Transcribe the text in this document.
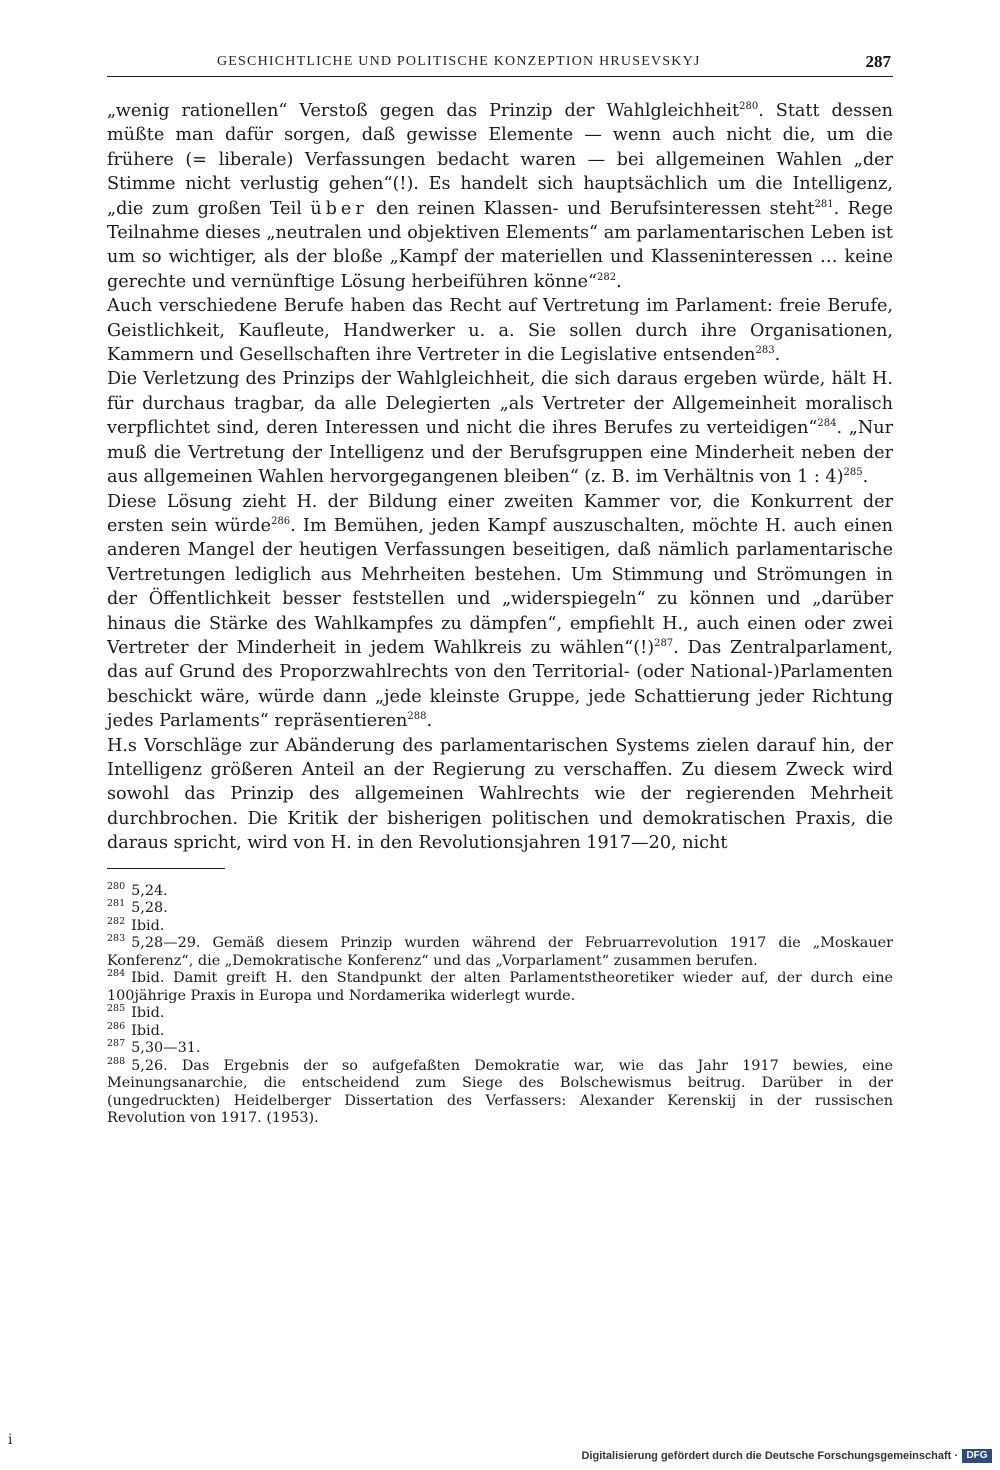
GESCHICHTLICHE UND POLITISCHE KONZEPTION HRUSEVSKYJ	287

„wenig rationellen“ Verstoß gegen das Prinzip der Wahlgleichheit$^{280}$. Statt dessen müßte man dafür sorgen, daß gewisse Elemente — wenn auch nicht die, um die frühere (= liberale) Verfassungen bedacht waren — bei allgemeinen Wahlen „der Stimme nicht verlustig gehen“(!). Es handelt sich hauptsächlich um die Intelligenz, „die zum großen Teil über den reinen Klassen- und Berufsinteressen steht$^{281}$. Rege Teilnahme dieses „neutralen und objektiven Elements“ am parlamentarischen Leben ist um so wichtiger, als der bloße „Kampf der materiellen und Klasseninteressen … keine gerechte und vernünftige Lösung herbeiführen könne“$^{282}$.

Auch verschiedene Berufe haben das Recht auf Vertretung im Parlament: freie Berufe, Geistlichkeit, Kaufleute, Handwerker u. a. Sie sollen durch ihre Organisationen, Kammern und Gesellschaften ihre Vertreter in die Legislative entsenden$^{283}$.

Die Verletzung des Prinzips der Wahlgleichheit, die sich daraus ergeben würde, hält H. für durchaus tragbar, da alle Delegierten „als Vertreter der Allgemeinheit moralisch verpflichtet sind, deren Interessen und nicht die ihres Berufes zu verteidigen“$^{284}$. „Nur muß die Vertretung der Intelligenz und der Berufsgruppen eine Minderheit neben der aus allgemeinen Wahlen hervorgegangenen bleiben“ (z. B. im Verhältnis von 1 : 4)$^{285}$.

Diese Lösung zieht H. der Bildung einer zweiten Kammer vor, die Konkurrent der ersten sein würde$^{286}$. Im Bemühen, jeden Kampf auszuschalten, möchte H. auch einen anderen Mangel der heutigen Verfassungen beseitigen, daß nämlich parlamentarische Vertretungen lediglich aus Mehrheiten bestehen. Um Stimmung und Strömungen in der Öffentlichkeit besser feststellen und „widerspiegeln“ zu können und „darüber hinaus die Stärke des Wahlkampfes zu dämpfen“, empfiehlt H., auch einen oder zwei Vertreter der Minderheit in jedem Wahlkreis zu wählen“(!)$^{287}$. Das Zentralparlament, das auf Grund des Proporzwahlrechts von den Territorial- (oder National-)Parlamenten beschickt wäre, würde dann „jede kleinste Gruppe, jede Schattierung jeder Richtung jedes Parlaments“ repräsentieren$^{288}$.

H.s Vorschläge zur Abänderung des parlamentarischen Systems zielen darauf hin, der Intelligenz größeren Anteil an der Regierung zu verschaffen. Zu diesem Zweck wird sowohl das Prinzip des allgemeinen Wahlrechts wie der regierenden Mehrheit durchbrochen. Die Kritik der bisherigen politischen und demokratischen Praxis, die daraus spricht, wird von H. in den Revolutionsjahren 1917—20, nicht

$^{280}$ 5,24.

$^{281}$ 5,28.

$^{282}$ Ibid.

$^{283}$ 5,28—29. Gemäß diesem Prinzip wurden während der Februarrevolution 1917 die „Moskauer Konferenz“, die „Demokratische Konferenz“ und das „Vorparlament“ zusammen berufen.

$^{284}$ Ibid. Damit greift H. den Standpunkt der alten Parlamentstheoretiker wieder auf, der durch eine 100jährige Praxis in Europa und Nordamerika widerlegt wurde.

$^{285}$ Ibid.

$^{286}$ Ibid.

$^{287}$ 5,30—31.

$^{288}$ 5,26. Das Ergebnis der so aufgefaßten Demokratie war, wie das Jahr 1917 bewies, eine Meinungsanarchie, die entscheidend zum Siege des Bolschewismus beitrug. Darüber in der (ungedruckten) Heidelberger Dissertation des Verfassers: Alexander Kerenskij in der russischen Revolution von 1917. (1953).

i
Digitalisierung gefördert durch die Deutsche Forschungsgemeinschaft · DFG
